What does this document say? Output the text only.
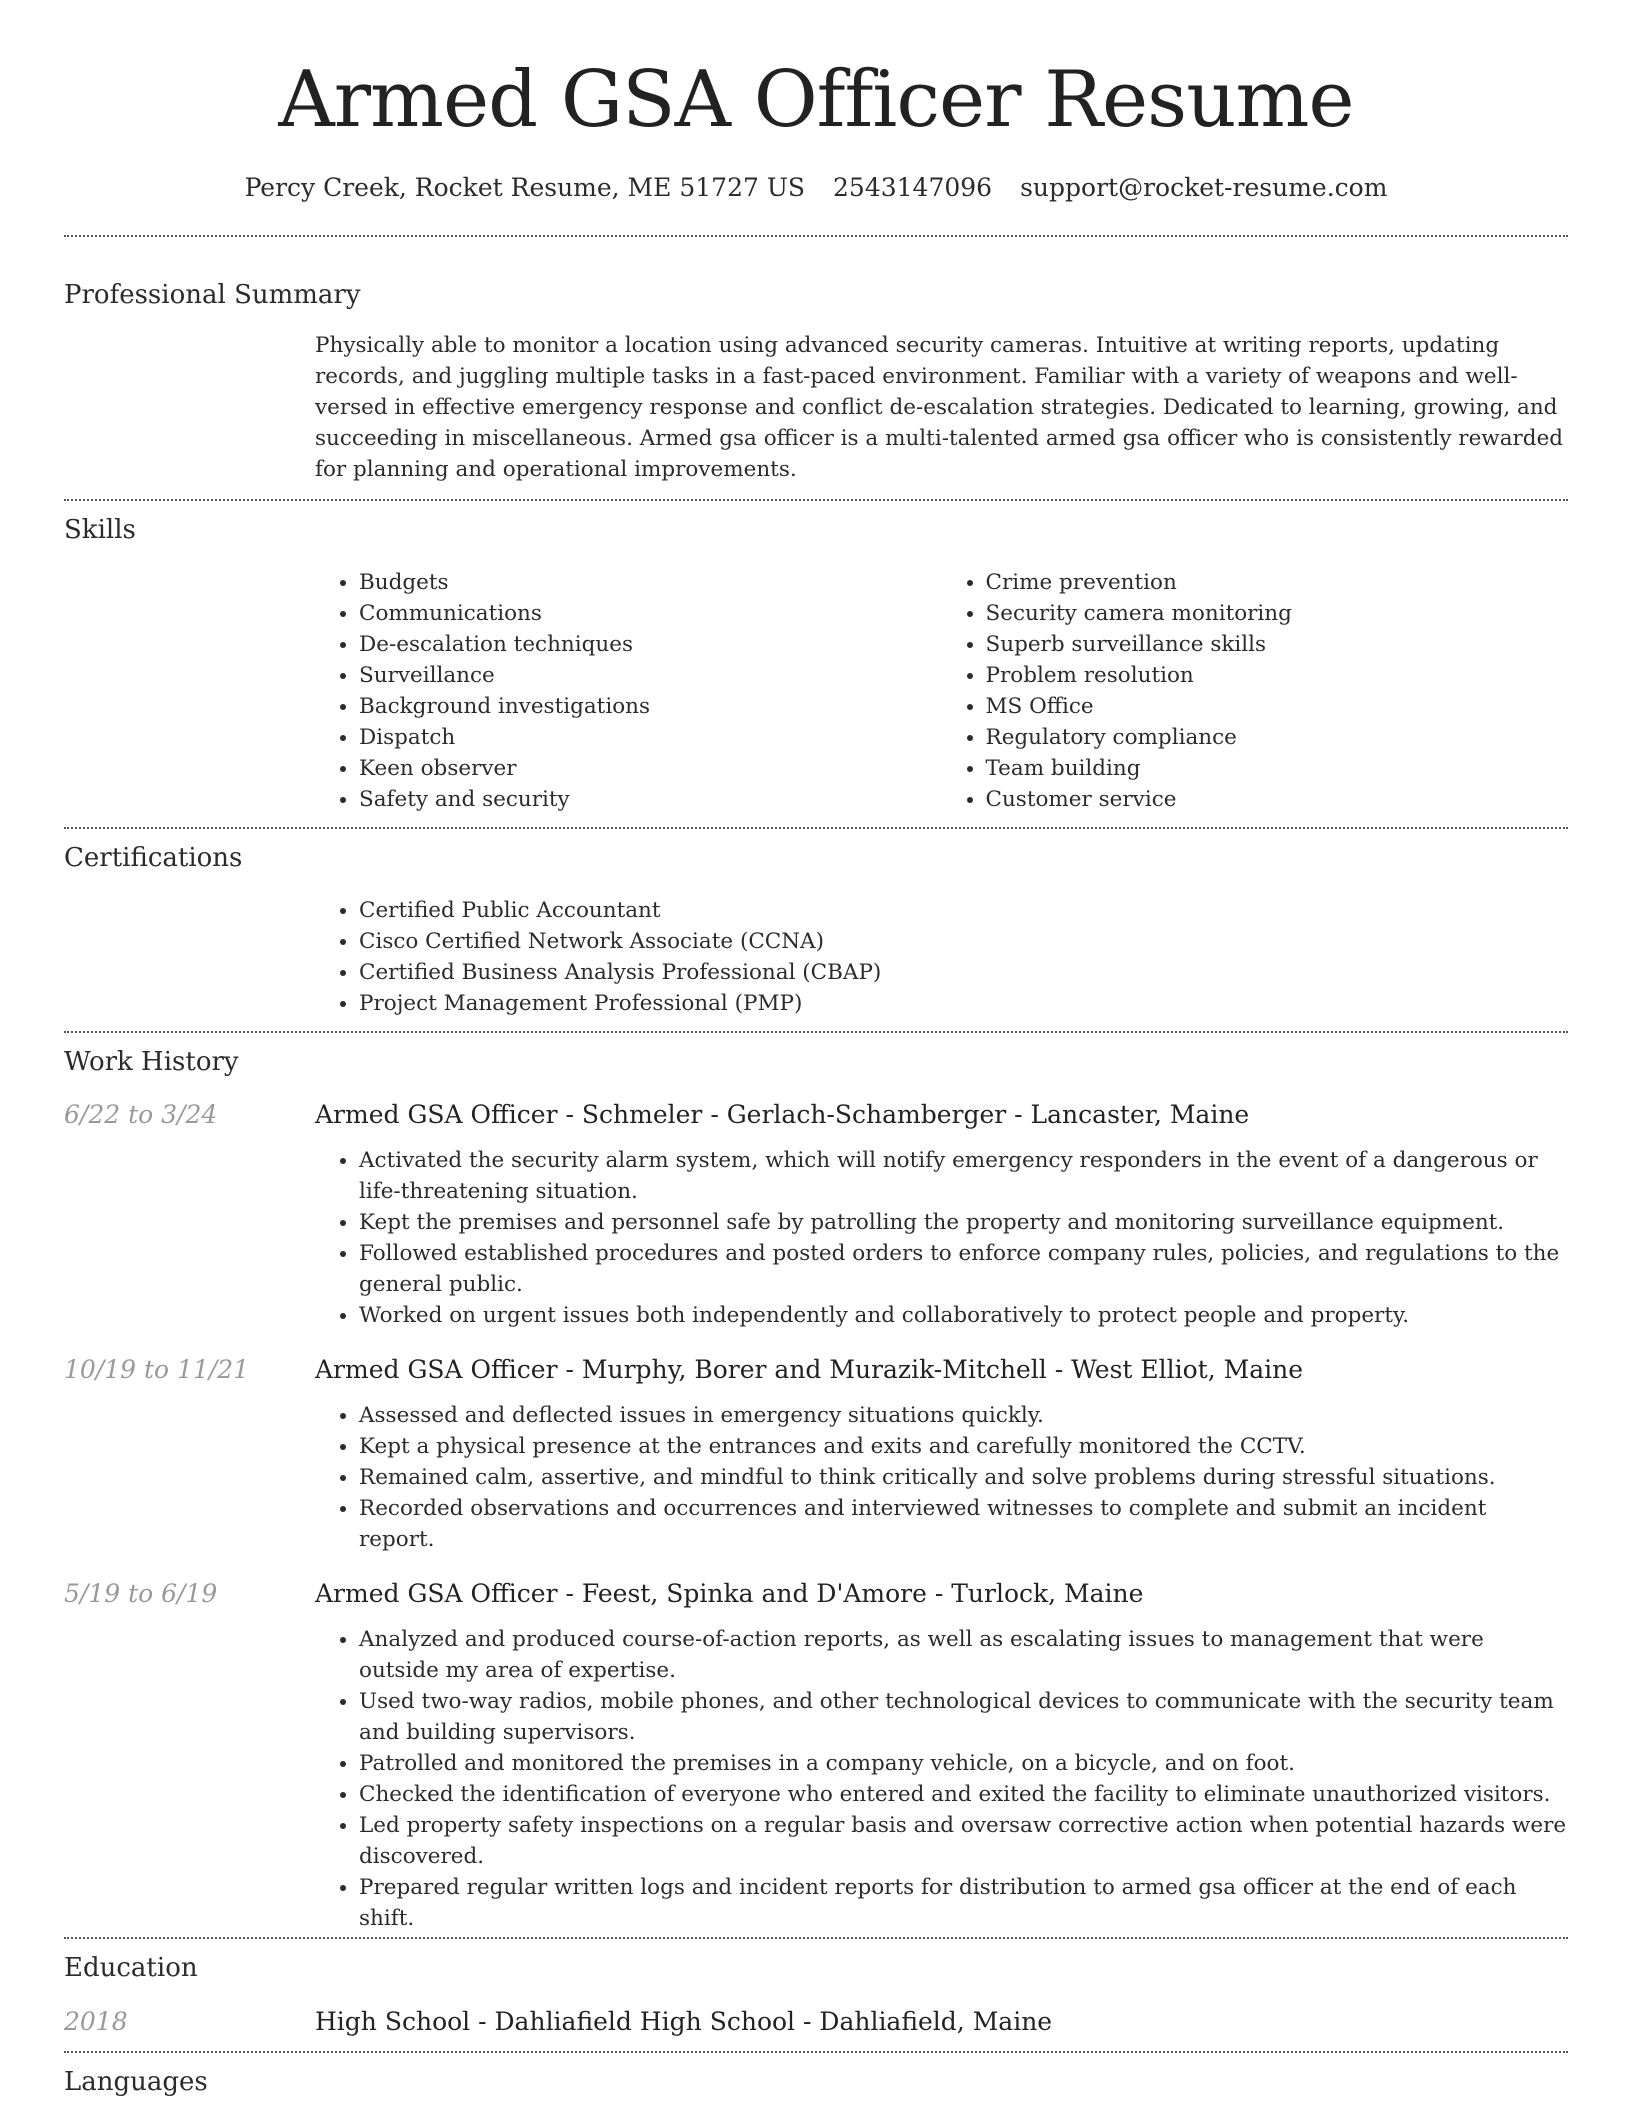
Armed GSA Officer Resume
Percy Creek, Rocket Resume, ME 51727 US 2543147096 support@rocket-resume.com
Professional Summary
Physically able to monitor a location using advanced security cameras. Intuitive at writing reports, updating records, and juggling multiple tasks in a fast-paced environment. Familiar with a variety of weapons and well-versed in effective emergency response and conflict de-escalation strategies. Dedicated to learning, growing, and succeeding in miscellaneous. Armed gsa officer is a multi-talented armed gsa officer who is consistently rewarded for planning and operational improvements.
Skills
• Budgets
• Communications
• De-escalation techniques
• Surveillance
• Background investigations
• Dispatch
• Keen observer
• Safety and security
• Crime prevention
• Security camera monitoring
• Superb surveillance skills
• Problem resolution
• MS Office
• Regulatory compliance
• Team building
• Customer service
Certifications
• Certified Public Accountant
• Cisco Certified Network Associate (CCNA)
• Certified Business Analysis Professional (CBAP)
• Project Management Professional (PMP)
Work History
6/22 to 3/24	Armed GSA Officer - Schmeler - Gerlach-Schamberger - Lancaster, Maine
• Activated the security alarm system, which will notify emergency responders in the event of a dangerous or life-threatening situation.
• Kept the premises and personnel safe by patrolling the property and monitoring surveillance equipment.
• Followed established procedures and posted orders to enforce company rules, policies, and regulations to the general public.
• Worked on urgent issues both independently and collaboratively to protect people and property.
10/19 to 11/21	Armed GSA Officer - Murphy, Borer and Murazik-Mitchell - West Elliot, Maine
• Assessed and deflected issues in emergency situations quickly.
• Kept a physical presence at the entrances and exits and carefully monitored the CCTV.
• Remained calm, assertive, and mindful to think critically and solve problems during stressful situations.
• Recorded observations and occurrences and interviewed witnesses to complete and submit an incident report.
5/19 to 6/19	Armed GSA Officer - Feest, Spinka and D'Amore - Turlock, Maine
• Analyzed and produced course-of-action reports, as well as escalating issues to management that were outside my area of expertise.
• Used two-way radios, mobile phones, and other technological devices to communicate with the security team and building supervisors.
• Patrolled and monitored the premises in a company vehicle, on a bicycle, and on foot.
• Checked the identification of everyone who entered and exited the facility to eliminate unauthorized visitors.
• Led property safety inspections on a regular basis and oversaw corrective action when potential hazards were discovered.
• Prepared regular written logs and incident reports for distribution to armed gsa officer at the end of each shift.
Education
2018	High School - Dahliafield High School - Dahliafield, Maine
Languages
